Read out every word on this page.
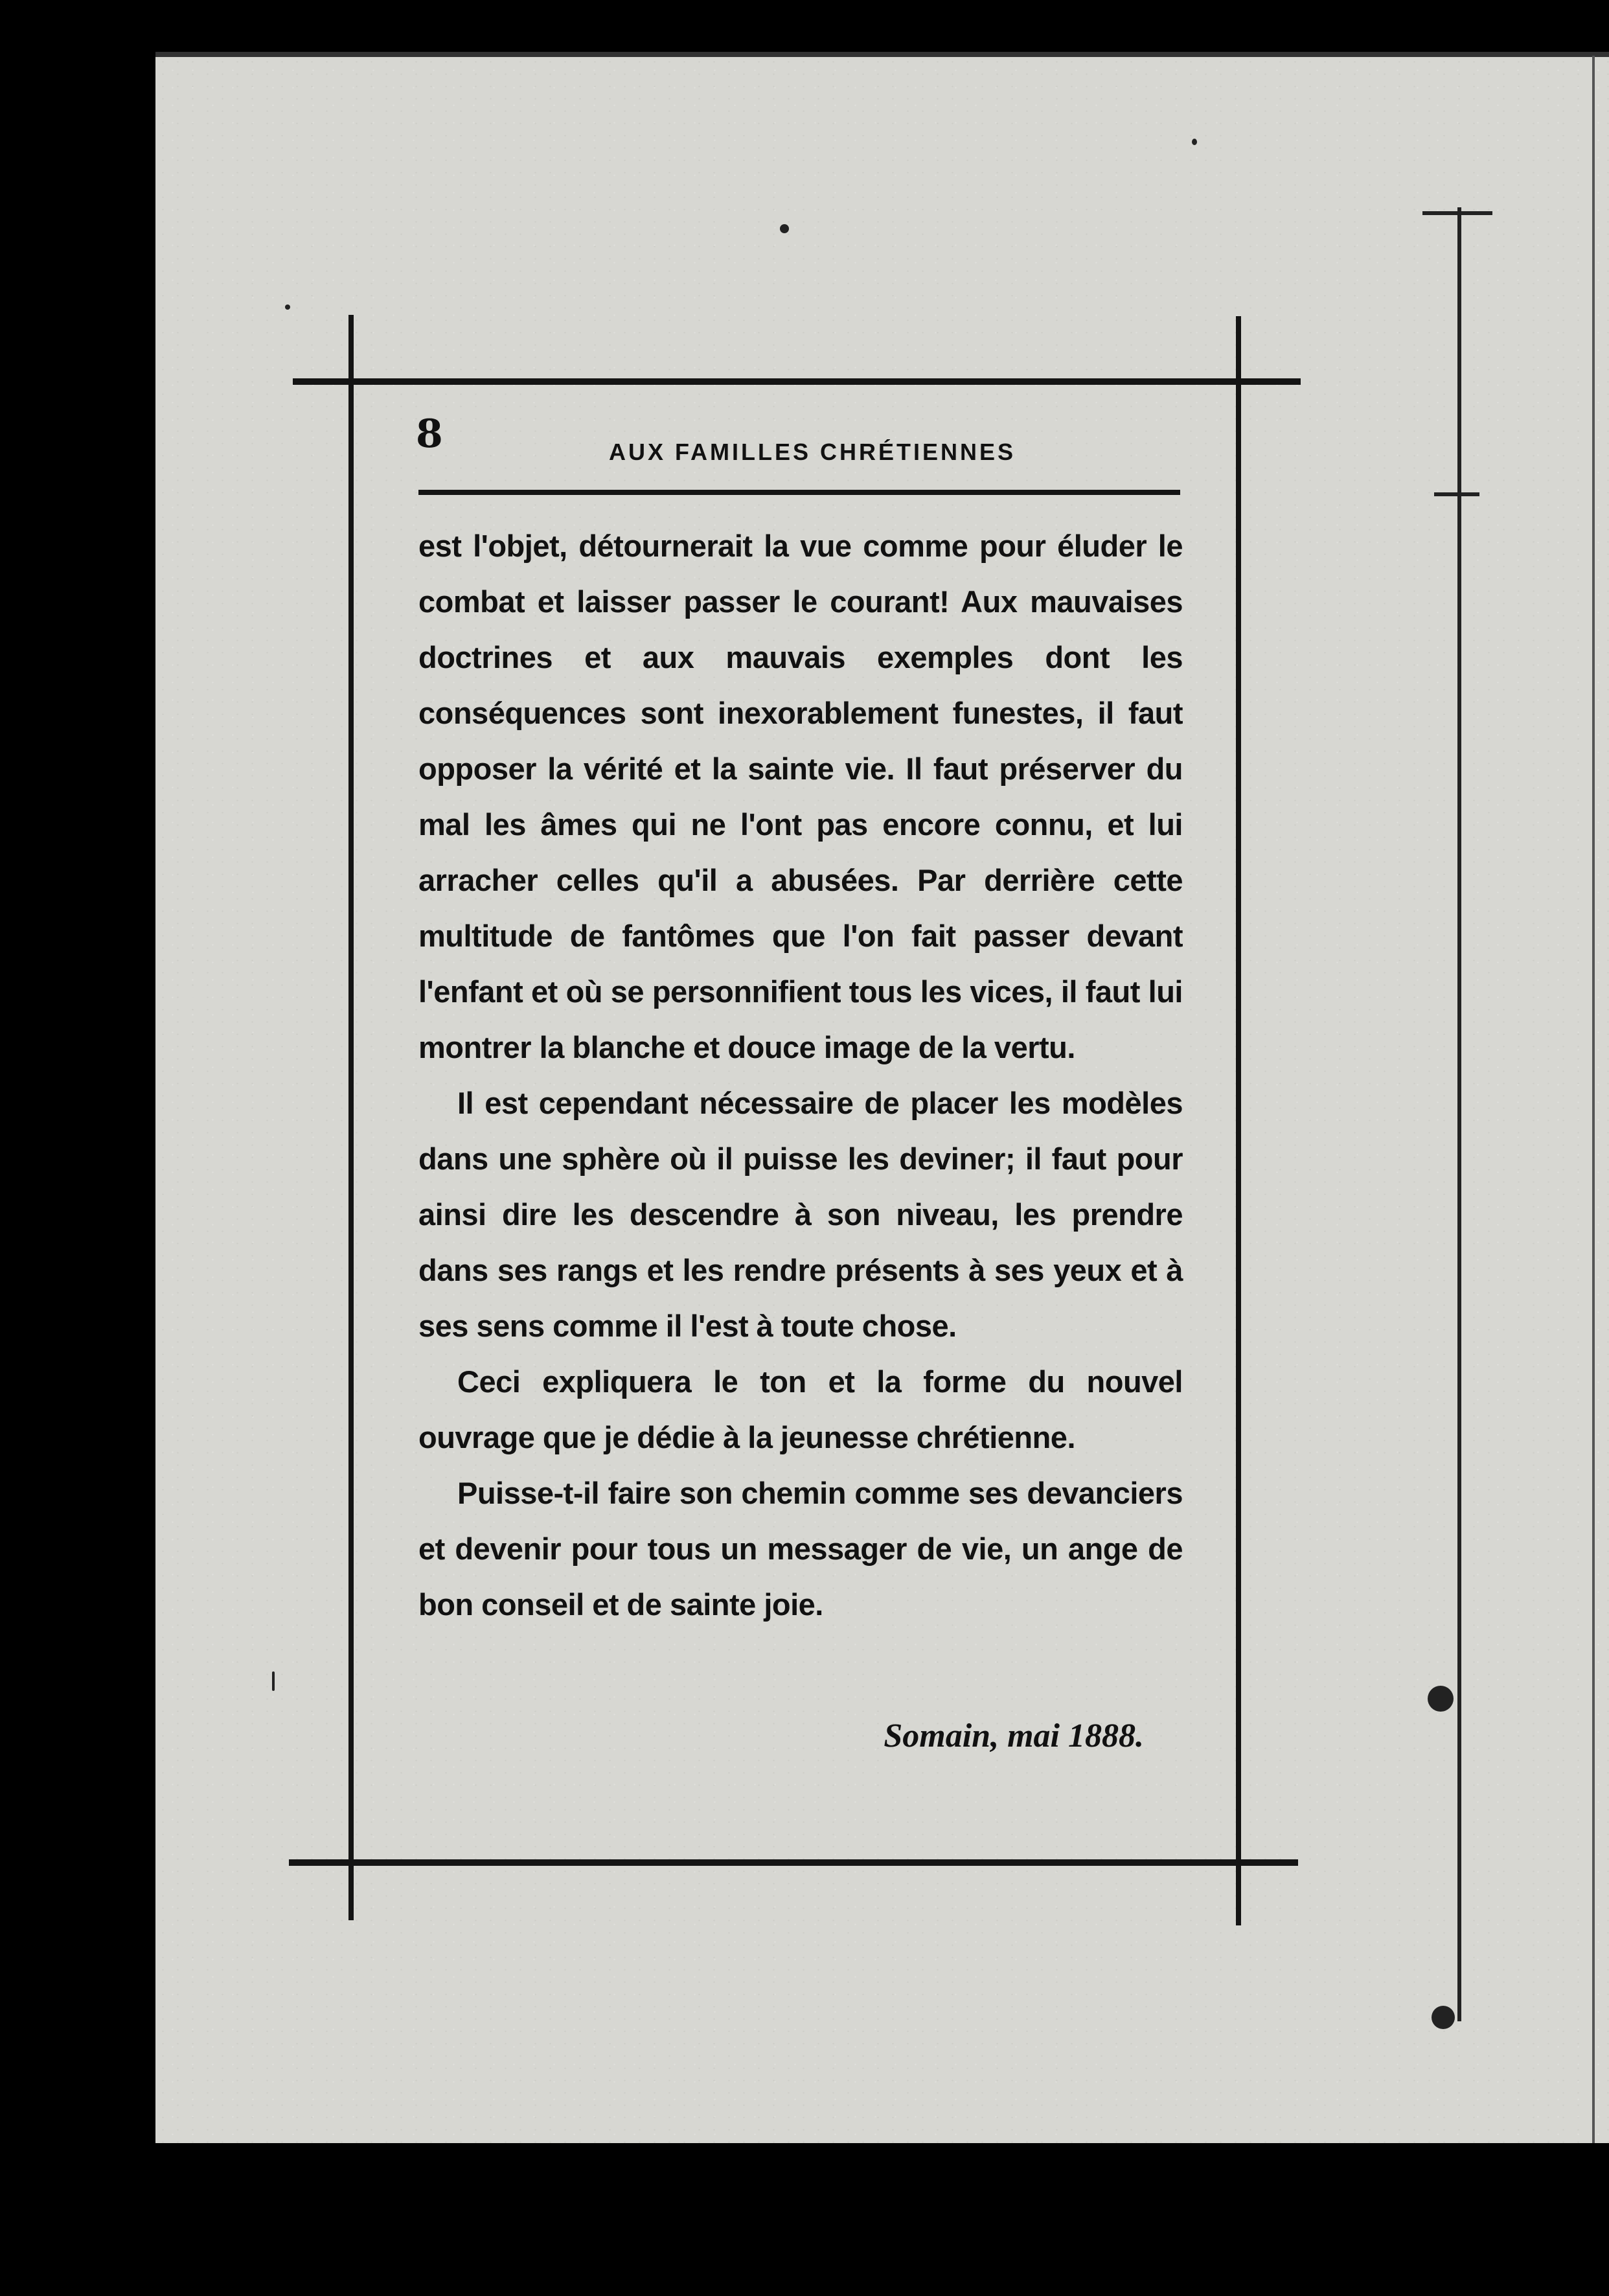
8	AUX FAMILLES CHRÉTIENNES

est l'objet, détournerait la vue comme pour éluder le combat et laisser passer le courant! Aux mauvaises doctrines et aux mauvais exemples dont les conséquences sont inexorablement funestes, il faut opposer la vérité et la sainte vie. Il faut préserver du mal les âmes qui ne l'ont pas encore connu, et lui arracher celles qu'il a abusées. Par derrière cette multitude de fantômes que l'on fait passer devant l'enfant et où se personnifient tous les vices, il faut lui montrer la blanche et douce image de la vertu.

Il est cependant nécessaire de placer les modèles dans une sphère où il puisse les deviner; il faut pour ainsi dire les descendre à son niveau, les prendre dans ses rangs et les rendre présents à ses yeux et à ses sens comme il l'est à toute chose.

Ceci expliquera le ton et la forme du nouvel ouvrage que je dédie à la jeunesse chrétienne.

Puisse-t-il faire son chemin comme ses devanciers et devenir pour tous un messager de vie, un ange de bon conseil et de sainte joie.

Somain, mai 1888.
